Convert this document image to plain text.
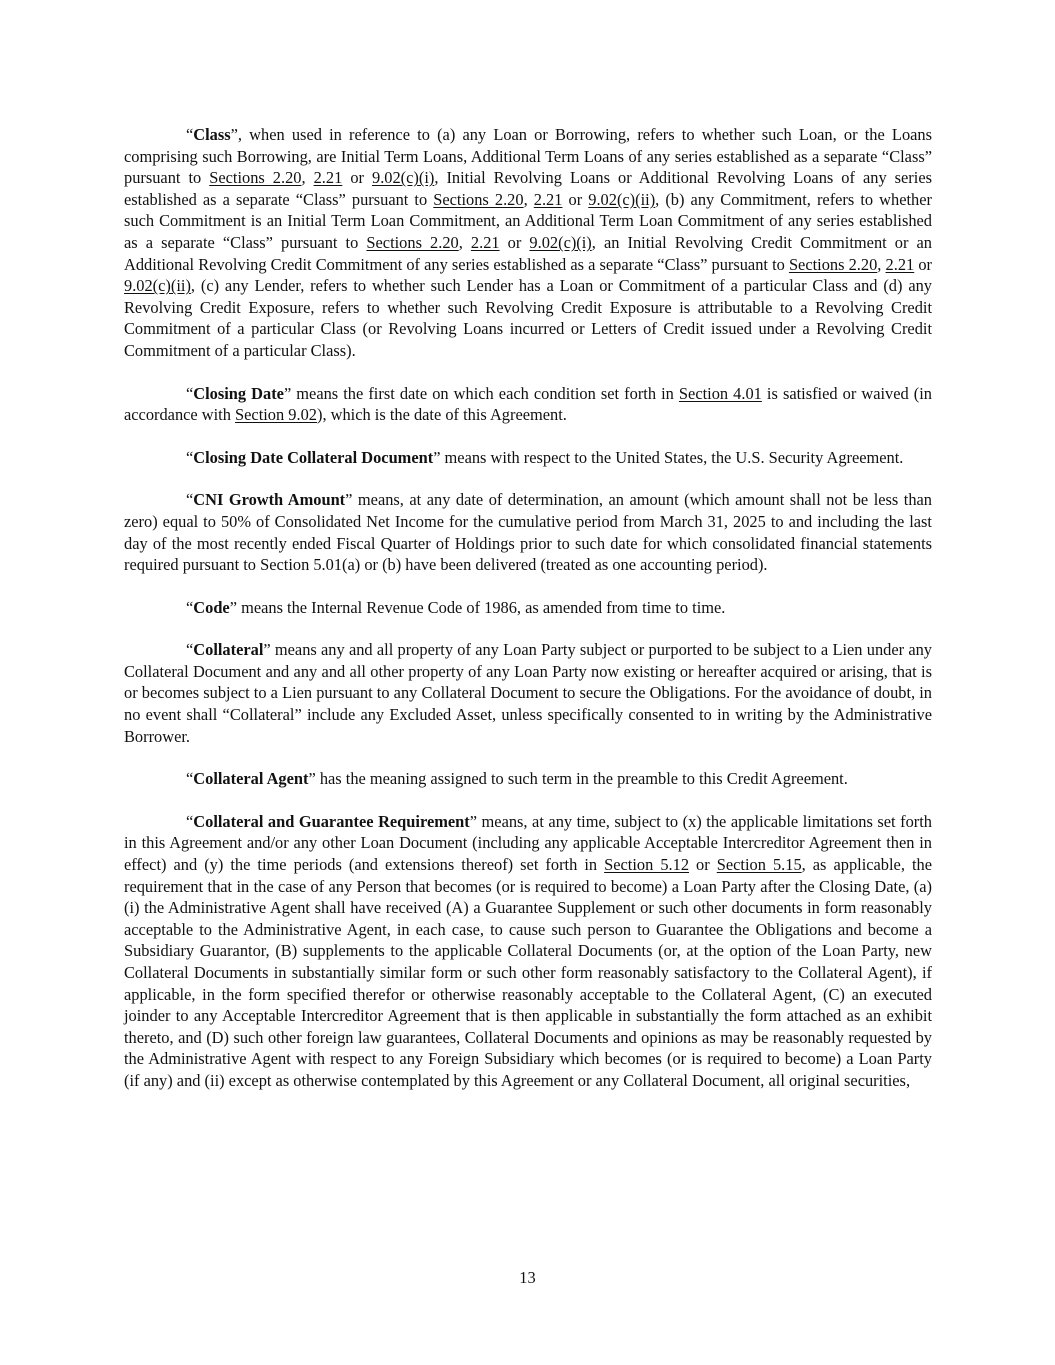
“Class”, when used in reference to (a) any Loan or Borrowing, refers to whether such Loan, or the Loans comprising such Borrowing, are Initial Term Loans, Additional Term Loans of any series established as a separate “Class” pursuant to Sections 2.20, 2.21 or 9.02(c)(i), Initial Revolving Loans or Additional Revolving Loans of any series established as a separate “Class” pursuant to Sections 2.20, 2.21 or 9.02(c)(ii), (b) any Commitment, refers to whether such Commitment is an Initial Term Loan Commitment, an Additional Term Loan Commitment of any series established as a separate “Class” pursuant to Sections 2.20, 2.21 or 9.02(c)(i), an Initial Revolving Credit Commitment or an Additional Revolving Credit Commitment of any series established as a separate “Class” pursuant to Sections 2.20, 2.21 or 9.02(c)(ii), (c) any Lender, refers to whether such Lender has a Loan or Commitment of a particular Class and (d) any Revolving Credit Exposure, refers to whether such Revolving Credit Exposure is attributable to a Revolving Credit Commitment of a particular Class (or Revolving Loans incurred or Letters of Credit issued under a Revolving Credit Commitment of a particular Class).

“Closing Date” means the first date on which each condition set forth in Section 4.01 is satisfied or waived (in accordance with Section 9.02), which is the date of this Agreement.

“Closing Date Collateral Document” means with respect to the United States, the U.S. Security Agreement.

“CNI Growth Amount” means, at any date of determination, an amount (which amount shall not be less than zero) equal to 50% of Consolidated Net Income for the cumulative period from March 31, 2025 to and including the last day of the most recently ended Fiscal Quarter of Holdings prior to such date for which consolidated financial statements required pursuant to Section 5.01(a) or (b) have been delivered (treated as one accounting period).

“Code” means the Internal Revenue Code of 1986, as amended from time to time.

“Collateral” means any and all property of any Loan Party subject or purported to be subject to a Lien under any Collateral Document and any and all other property of any Loan Party now existing or hereafter acquired or arising, that is or becomes subject to a Lien pursuant to any Collateral Document to secure the Obligations. For the avoidance of doubt, in no event shall “Collateral” include any Excluded Asset, unless specifically consented to in writing by the Administrative Borrower.

“Collateral Agent” has the meaning assigned to such term in the preamble to this Credit Agreement.

“Collateral and Guarantee Requirement” means, at any time, subject to (x) the applicable limitations set forth in this Agreement and/or any other Loan Document (including any applicable Acceptable Intercreditor Agreement then in effect) and (y) the time periods (and extensions thereof) set forth in Section 5.12 or Section 5.15, as applicable, the requirement that in the case of any Person that becomes (or is required to become) a Loan Party after the Closing Date, (a)(i) the Administrative Agent shall have received (A) a Guarantee Supplement or such other documents in form reasonably acceptable to the Administrative Agent, in each case, to cause such person to Guarantee the Obligations and become a Subsidiary Guarantor, (B) supplements to the applicable Collateral Documents (or, at the option of the Loan Party, new Collateral Documents in substantially similar form or such other form reasonably satisfactory to the Collateral Agent), if applicable, in the form specified therefor or otherwise reasonably acceptable to the Collateral Agent, (C) an executed joinder to any Acceptable Intercreditor Agreement that is then applicable in substantially the form attached as an exhibit thereto, and (D) such other foreign law guarantees, Collateral Documents and opinions as may be reasonably requested by the Administrative Agent with respect to any Foreign Subsidiary which becomes (or is required to become) a Loan Party (if any) and (ii) except as otherwise contemplated by this Agreement or any Collateral Document, all original securities,

13
